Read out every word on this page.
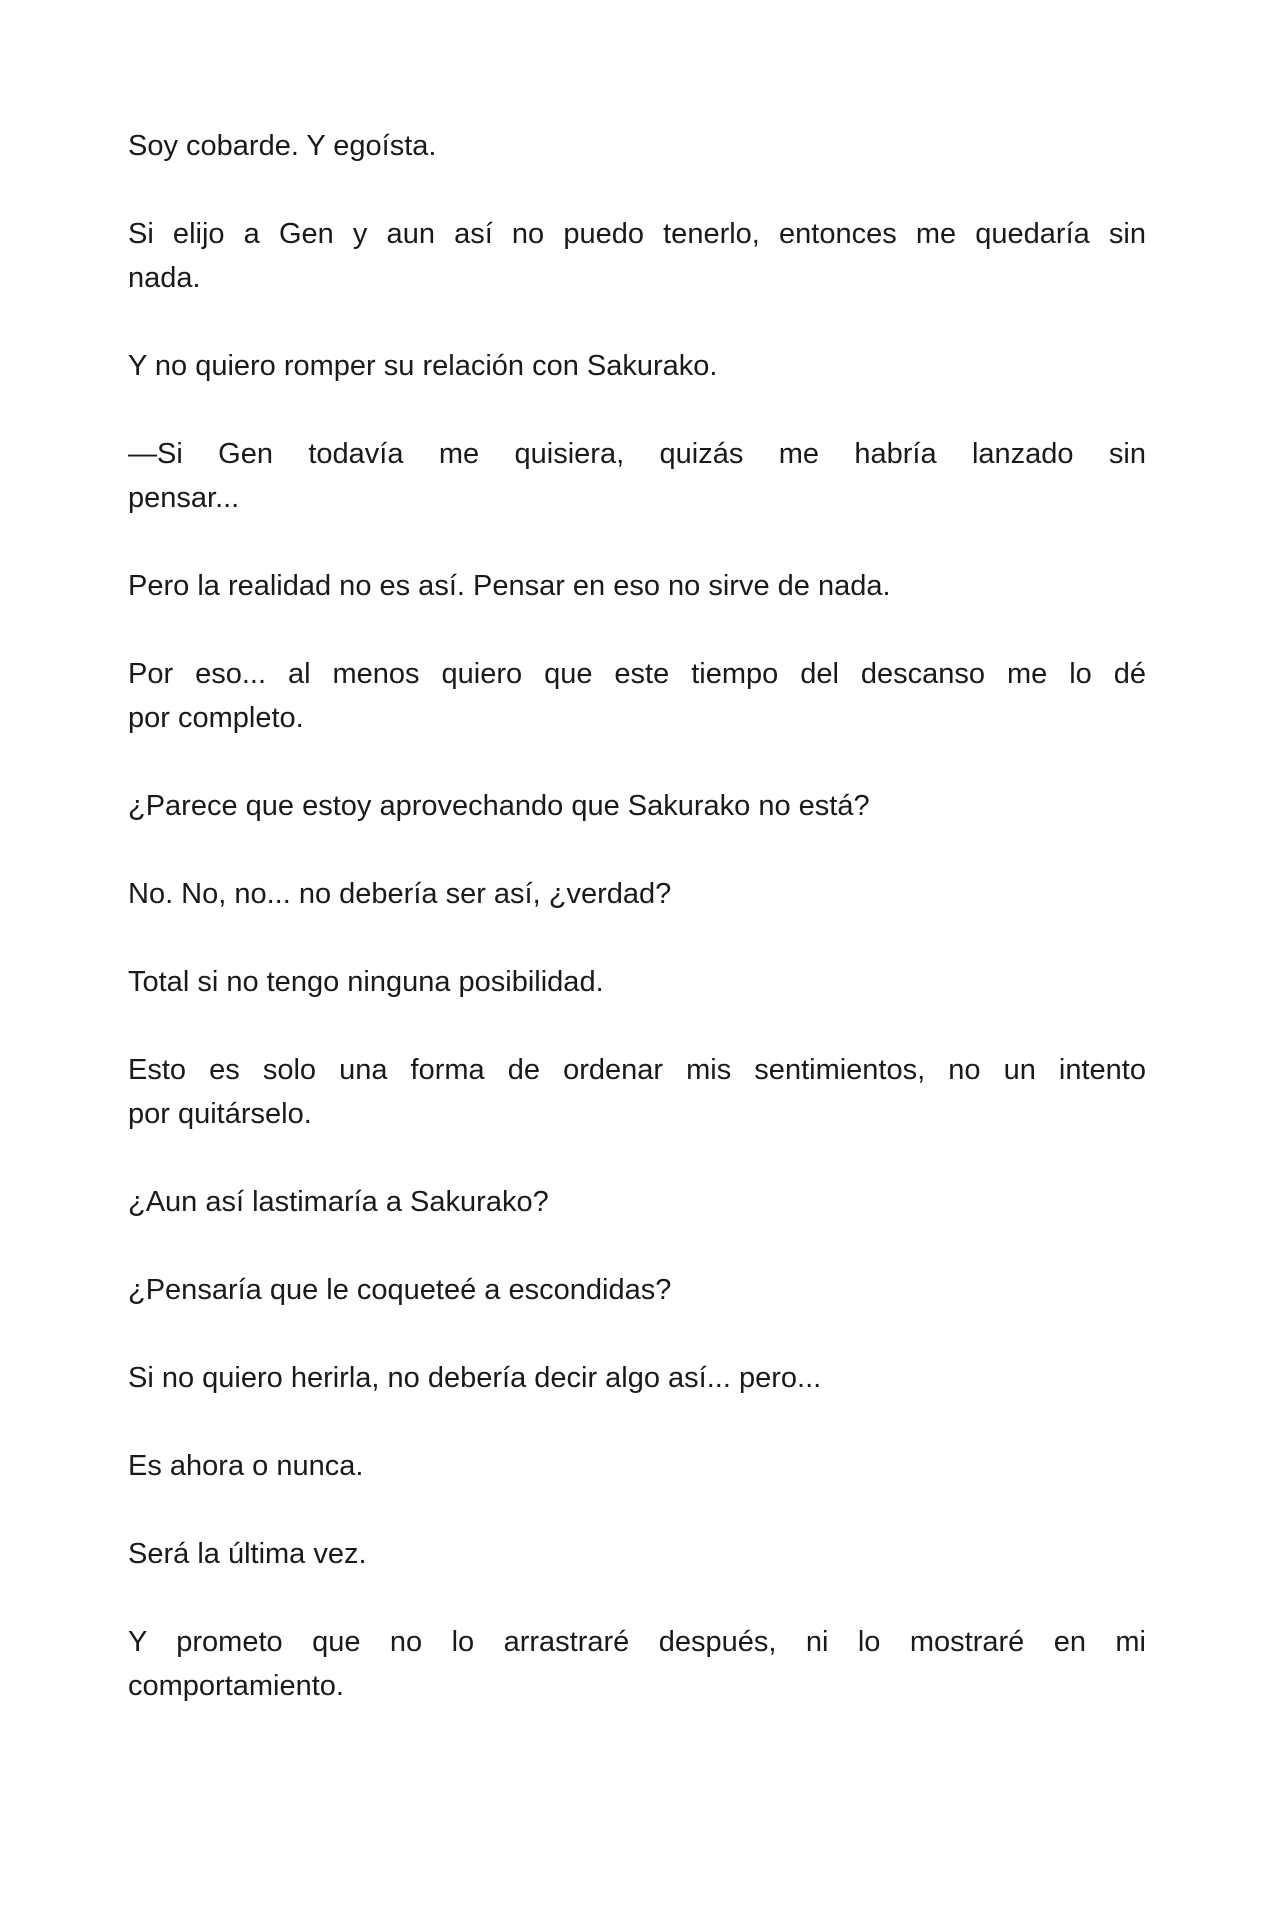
Soy cobarde. Y egoísta.
Si elijo a Gen y aun así no puedo tenerlo, entonces me quedaría sin
nada.
Y no quiero romper su relación con Sakurako.
—Si Gen todavía me quisiera, quizás me habría lanzado sin
pensar...
Pero la realidad no es así. Pensar en eso no sirve de nada.
Por eso... al menos quiero que este tiempo del descanso me lo dé
por completo.
¿Parece que estoy aprovechando que Sakurako no está?
No. No, no... no debería ser así, ¿verdad?
Total si no tengo ninguna posibilidad.
Esto es solo una forma de ordenar mis sentimientos, no un intento
por quitárselo.
¿Aun así lastimaría a Sakurako?
¿Pensaría que le coqueteé a escondidas?
Si no quiero herirla, no debería decir algo así... pero...
Es ahora o nunca.
Será la última vez.
Y prometo que no lo arrastraré después, ni lo mostraré en mi
comportamiento.
